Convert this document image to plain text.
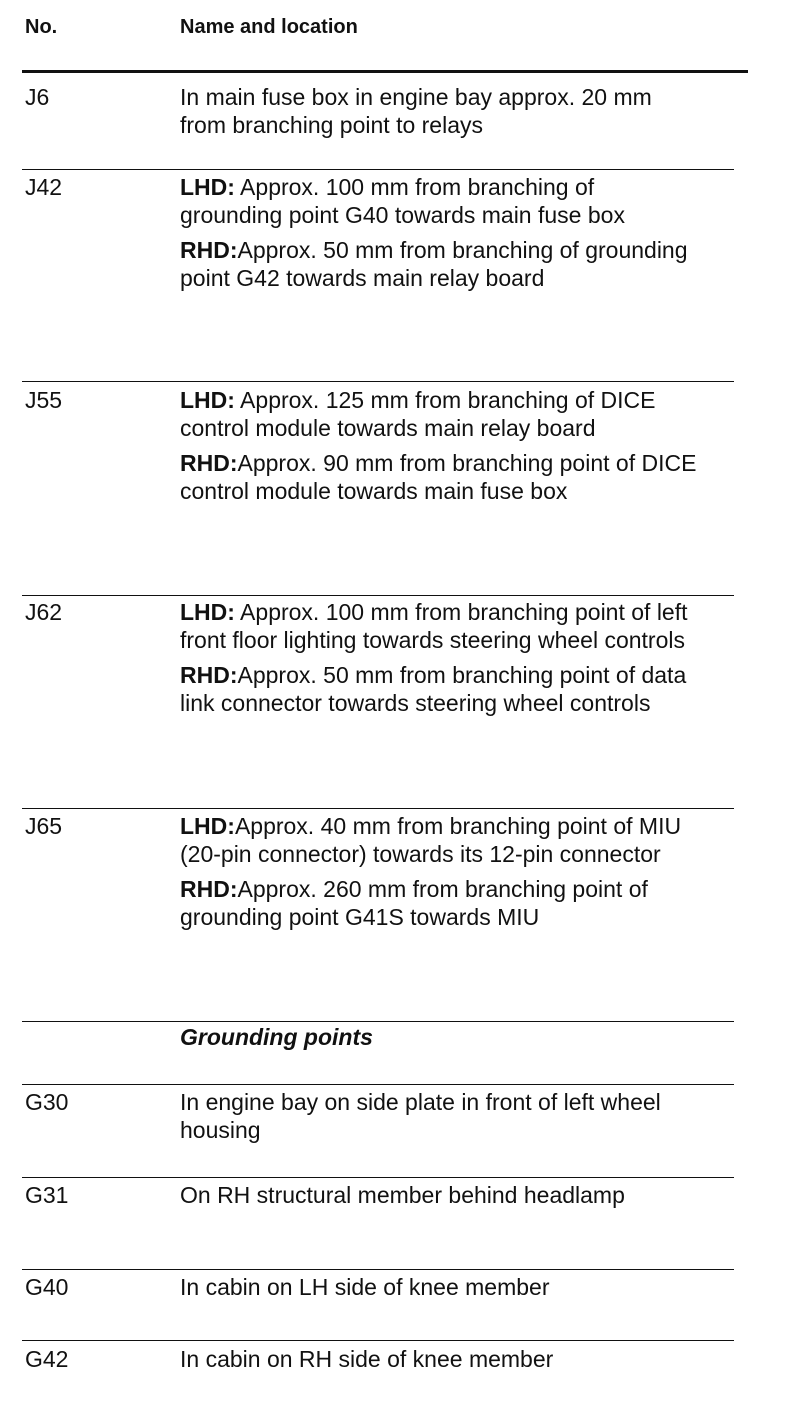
No.	Name and location
J6	In main fuse box in engine bay approx. 20 mm from branching point to relays
J42	LHD: Approx. 100 mm from branching of grounding point G40 towards main fuse box
RHD:Approx. 50 mm from branching of grounding point G42 towards main relay board
J55	LHD: Approx. 125 mm from branching of DICE control module towards main relay board
RHD:Approx. 90 mm from branching point of DICE control module towards main fuse box
J62	LHD: Approx. 100 mm from branching point of left front floor lighting towards steering wheel controls
RHD:Approx. 50 mm from branching point of data link connector towards steering wheel controls
J65	LHD:Approx. 40 mm from branching point of MIU (20-pin connector) towards its 12-pin connector
RHD:Approx. 260 mm from branching point of grounding point G41S towards MIU
Grounding points
G30	In engine bay on side plate in front of left wheel housing
G31	On RH structural member behind headlamp
G40	In cabin on LH side of knee member
G42	In cabin on RH side of knee member
